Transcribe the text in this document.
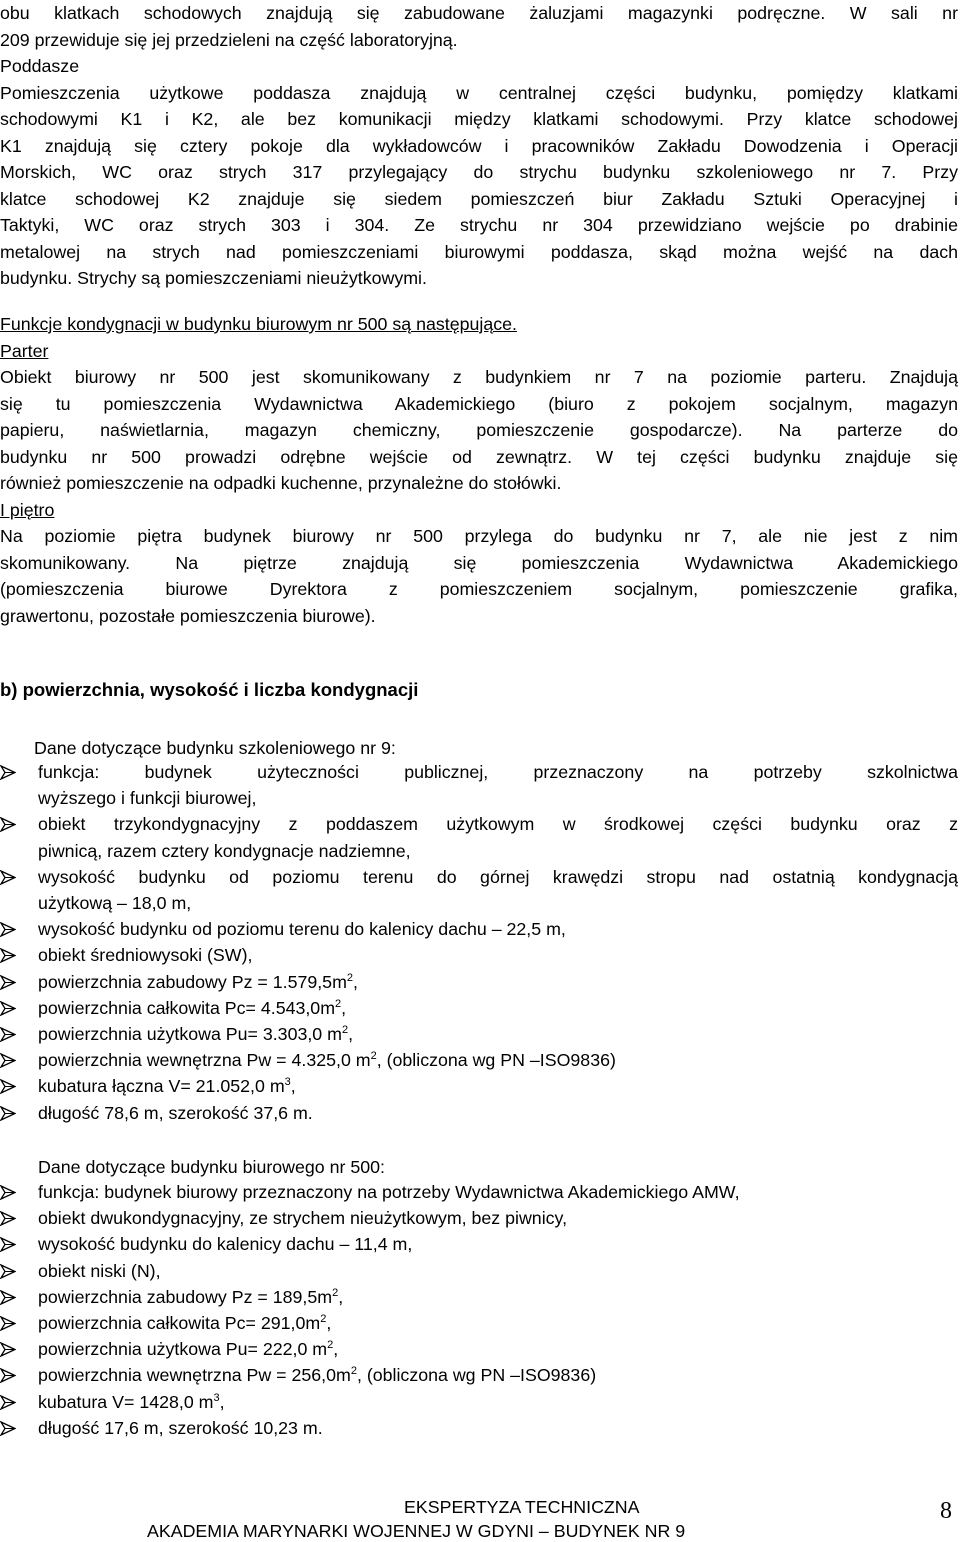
obu klatkach schodowych znajdują się zabudowane żaluzjami magazynki podręczne. W sali nr
209 przewiduje się jej przedzieleni na część laboratoryjną.
Poddasze
Pomieszczenia użytkowe poddasza znajdują w centralnej części budynku, pomiędzy klatkami
schodowymi K1 i K2, ale bez komunikacji między klatkami schodowymi. Przy klatce schodowej
K1 znajdują się cztery pokoje dla wykładowców i pracowników Zakładu Dowodzenia i Operacji
Morskich, WC oraz strych 317 przylegający do strychu budynku szkoleniowego nr 7. Przy
klatce schodowej K2 znajduje się siedem pomieszczeń biur Zakładu Sztuki Operacyjnej i
Taktyki, WC oraz strych 303 i 304. Ze strychu nr 304 przewidziano wejście po drabinie
metalowej na strych nad pomieszczeniami biurowymi poddasza, skąd można wejść na dach
budynku. Strychy są pomieszczeniami nieużytkowymi.
Funkcje kondygnacji w budynku biurowym nr 500 są następujące.
Parter
Obiekt biurowy nr 500 jest skomunikowany z budynkiem nr 7 na poziomie parteru. Znajdują
się tu pomieszczenia Wydawnictwa Akademickiego (biuro z pokojem socjalnym, magazyn
papieru, naświetlarnia, magazyn chemiczny, pomieszczenie gospodarcze). Na parterze do
budynku nr 500 prowadzi odrębne wejście od zewnątrz. W tej części budynku znajduje się
również pomieszczenie na odpadki kuchenne, przynależne do stołówki.
I piętro
Na poziomie piętra budynek biurowy nr 500 przylega do budynku nr 7, ale nie jest z nim
skomunikowany. Na piętrze znajdują się pomieszczenia Wydawnictwa Akademickiego
(pomieszczenia biurowe Dyrektora z pomieszczeniem socjalnym, pomieszczenie grafika,
grawertonu, pozostałe pomieszczenia biurowe).
b) powierzchnia, wysokość i liczba kondygnacji
Dane dotyczące budynku szkoleniowego nr 9:
funkcja: budynek użyteczności publicznej, przeznaczony na potrzeby szkolnictwa
wyższego i funkcji biurowej,
obiekt trzykondygnacyjny z poddaszem użytkowym w środkowej części budynku oraz z
piwnicą, razem cztery kondygnacje nadziemne,
wysokość budynku od poziomu terenu do górnej krawędzi stropu nad ostatnią kondygnacją
użytkową – 18,0 m,
wysokość budynku od poziomu terenu do kalenicy dachu – 22,5 m,
obiekt średniowysoki (SW),
powierzchnia zabudowy $Pz = 1.579,5m^2$,
powierzchnia całkowita $Pc= 4.543,0m^2$,
powierzchnia użytkowa Pu= 3.303,0 $m^2$,
powierzchnia wewnętrzna Pw = 4.325,0 $m^2$, (obliczona wg PN –ISO9836)
kubatura łączna V= 21.052,0 $m^3$,
długość 78,6 m, szerokość 37,6 m.
Dane dotyczące budynku biurowego nr 500:
funkcja: budynek biurowy przeznaczony na potrzeby Wydawnictwa Akademickiego AMW,
obiekt dwukondygnacyjny, ze strychem nieużytkowym, bez piwnicy,
wysokość budynku do kalenicy dachu – 11,4 m,
obiekt niski (N),
powierzchnia zabudowy $Pz = 189,5m^2$,
powierzchnia całkowita $Pc= 291,0m^2$,
powierzchnia użytkowa Pu= 222,0 $m^2$,
powierzchnia wewnętrzna $Pw = 256,0m^2$, (obliczona wg PN –ISO9836)
kubatura V= 1428,0 $m^3$,
długość 17,6 m, szerokość 10,23 m.
EKSPERTYZA TECHNICZNA
AKADEMIA MARYNARKI WOJENNEJ W GDYNI – BUDYNEK NR 9
8
